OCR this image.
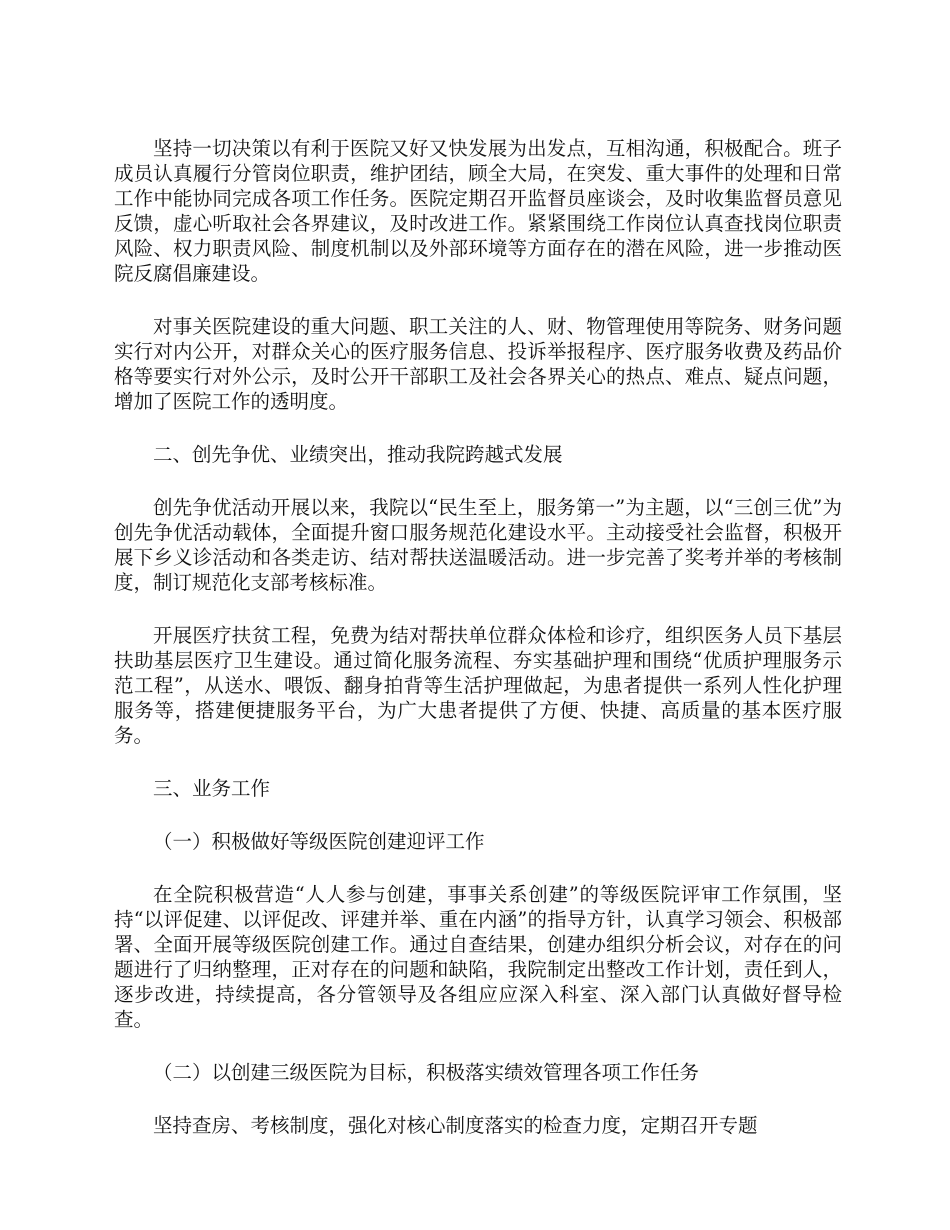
坚持一切决策以有利于医院又好又快发展为出发点，互相沟通，积极配合。班子成员认真履行分管岗位职责，维护团结，顾全大局，在突发、重大事件的处理和日常工作中能协同完成各项工作任务。医院定期召开监督员座谈会，及时收集监督员意见反馈，虚心听取社会各界建议，及时改进工作。紧紧围绕工作岗位认真查找岗位职责风险、权力职责风险、制度机制以及外部环境等方面存在的潜在风险，进一步推动医院反腐倡廉建设。

对事关医院建设的重大问题、职工关注的人、财、物管理使用等院务、财务问题实行对内公开，对群众关心的医疗服务信息、投诉举报程序、医疗服务收费及药品价格等要实行对外公示，及时公开干部职工及社会各界关心的热点、难点、疑点问题，增加了医院工作的透明度。

二、创先争优、业绩突出，推动我院跨越式发展

创先争优活动开展以来，我院以“民生至上，服务第一”为主题，以“三创三优”为创先争优活动载体，全面提升窗口服务规范化建设水平。主动接受社会监督，积极开展下乡义诊活动和各类走访、结对帮扶送温暖活动。进一步完善了奖考并举的考核制度，制订规范化支部考核标准。

开展医疗扶贫工程，免费为结对帮扶单位群众体检和诊疗，组织医务人员下基层扶助基层医疗卫生建设。通过简化服务流程、夯实基础护理和围绕“优质护理服务示范工程”，从送水、喂饭、翻身拍背等生活护理做起，为患者提供一系列人性化护理服务等，搭建便捷服务平台，为广大患者提供了方便、快捷、高质量的基本医疗服务。

三、业务工作

（一）积极做好等级医院创建迎评工作

在全院积极营造“人人参与创建，事事关系创建”的等级医院评审工作氛围，坚持“以评促建、以评促改、评建并举、重在内涵”的指导方针，认真学习领会、积极部署、全面开展等级医院创建工作。通过自查结果，创建办组织分析会议，对存在的问题进行了归纳整理，正对存在的问题和缺陷，我院制定出整改工作计划，责任到人，逐步改进，持续提高，各分管领导及各组应应深入科室、深入部门认真做好督导检查。

（二）以创建三级医院为目标，积极落实绩效管理各项工作任务

坚持查房、考核制度，强化对核心制度落实的检查力度，定期召开专题
